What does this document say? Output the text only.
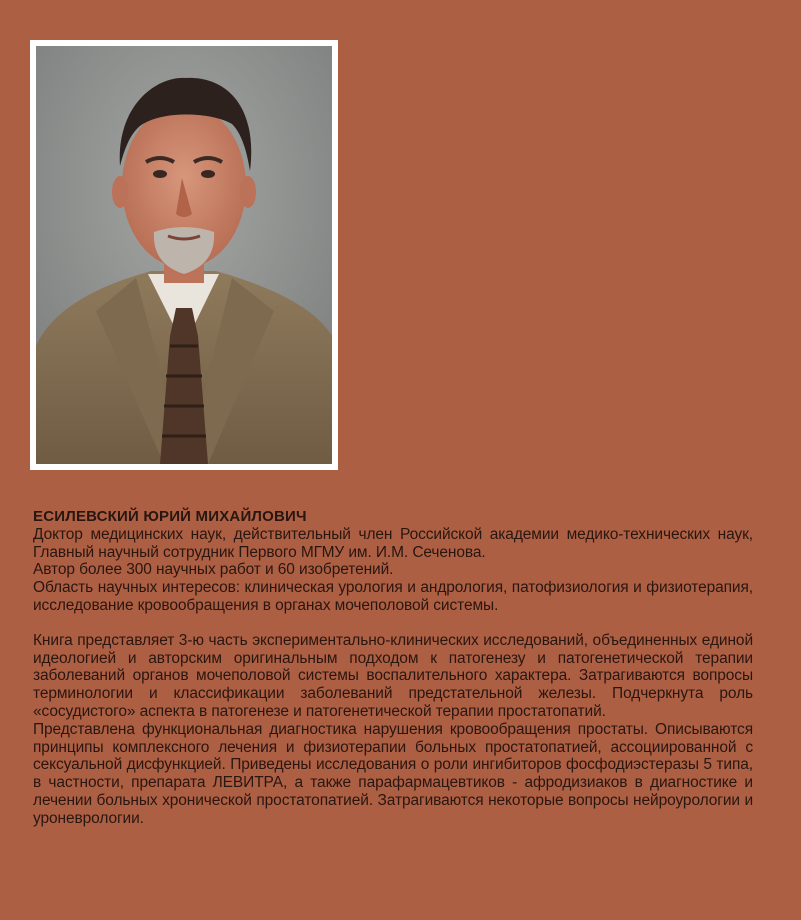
ЕСИЛЕВСКИЙ ЮРИЙ МИХАЙЛОВИЧ

Доктор медицинских наук, действительный член Российской академии медико-технических наук, Главный научный сотрудник Первого МГМУ им. И.М. Сеченова.

Автор более 300 научных работ и 60 изобретений.

Область научных интересов: клиническая урология и андрология, патофизиология и физиотерапия, исследование кровообращения в органах мочеполовой системы.

Книга представляет 3-ю часть экспериментально-клинических исследований, объединенных единой идеологией и авторским оригинальным подходом к патогенезу и патогенетической терапии заболеваний органов мочеполовой системы воспалительного характера. Затрагиваются вопросы терминологии и классификации заболеваний предстательной железы. Подчеркнута роль «сосудистого» аспекта в патогенезе и патогенетической терапии простатопатий.

Представлена функциональная диагностика нарушения кровообращения простаты. Описываются принципы комплексного лечения и физиотерапии больных простатопатией, ассоциированной с сексуальной дисфункцией. Приведены исследования о роли ингибиторов фосфодиэстеразы 5 типа, в частности, препарата ЛЕВИТРА, а также парафармацевтиков - афродизиаков в диагностике и лечении больных хронической простатопатией. Затрагиваются некоторые вопросы нейроурологии и уроневрологии.
